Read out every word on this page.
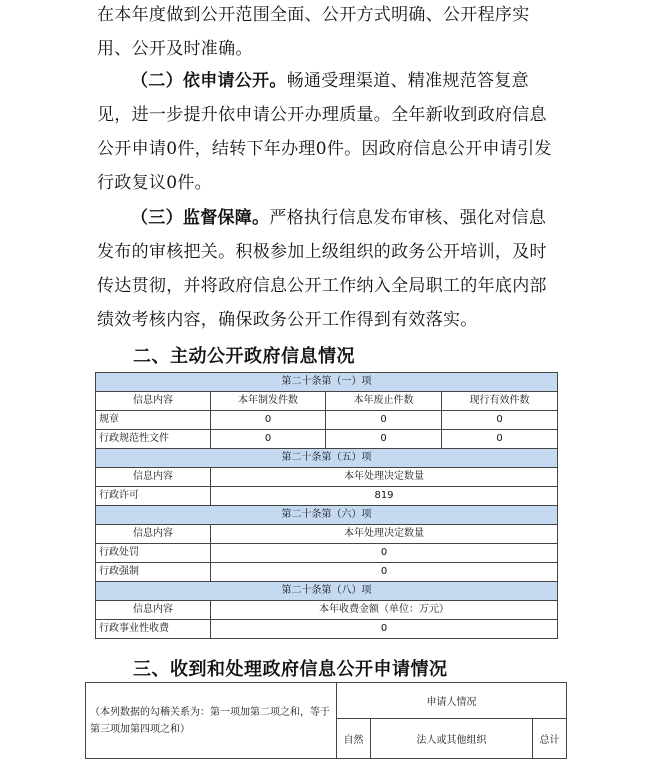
在本年度做到公开范围全面、公开方式明确、公开程序实用、公开及时准确。

（二）依申请公开。畅通受理渠道、精准规范答复意见，进一步提升依申请公开办理质量。全年新收到政府信息公开申请0件，结转下年办理0件。因政府信息公开申请引发行政复议0件。

（三）监督保障。严格执行信息发布审核、强化对信息发布的审核把关。积极参加上级组织的政务公开培训，及时传达贯彻，并将政府信息公开工作纳入全局职工的年底内部绩效考核内容，确保政务公开工作得到有效落实。

二、主动公开政府信息情况
第二十条第（一）项			
信息内容	本年制发件数	本年废止件数	现行有效件数
规章	0	0	0
行政规范性文件	0	0	0
第二十条第（五）项			
信息内容	本年处理决定数量		
行政许可	819		
第二十条第（六）项			
信息内容	本年处理决定数量		
行政处罚	0		
行政强制	0		
第二十条第（八）项			
信息内容	本年收费金额（单位：万元）		
行政事业性收费	0		
三、收到和处理政府信息公开申请情况
（本列数据的勾稽关系为：第一项加第二项之和，等于第三项加第四项之和）	申请人情况		
	自然	法人或其他组织	总计
